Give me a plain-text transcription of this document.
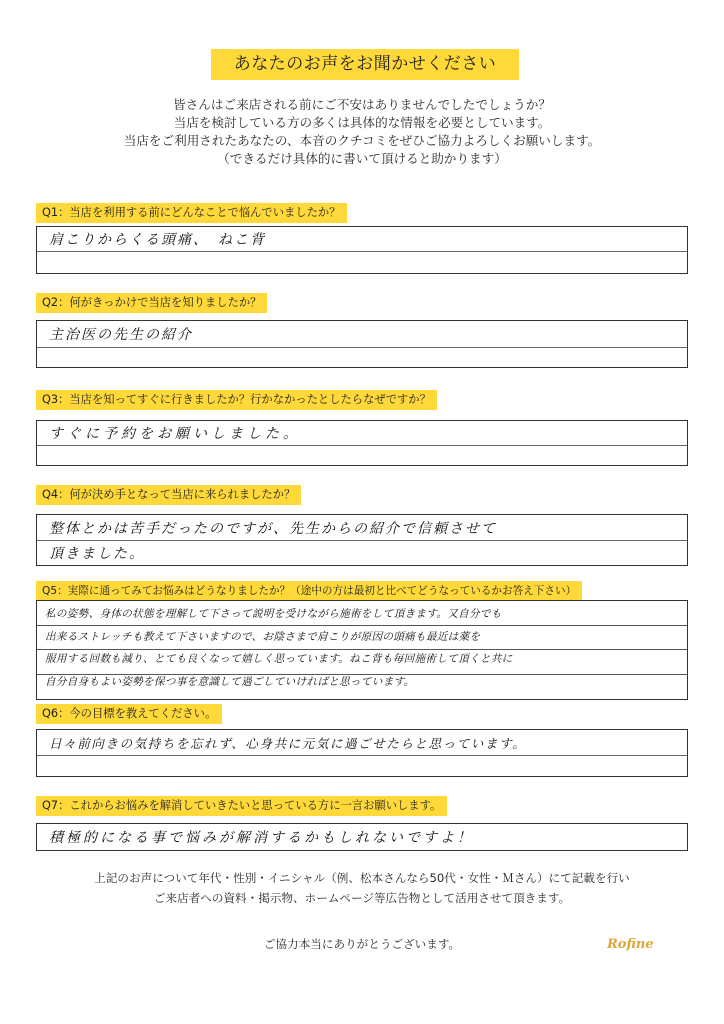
あなたのお声をお聞かせください
皆さんはご来店される前にご不安はありませんでしたでしょうか？
当店を検討している方の多くは具体的な情報を必要としています。
当店をご利用されたあなたの、本音のクチコミをぜひご協力よろしくお願いします。
（できるだけ具体的に書いて頂けると助かります）
Q1：当店を利用する前にどんなことで悩んでいましたか？
肩こりからくる頭痛、　ねこ背
Q2：何がきっかけで当店を知りましたか？
主治医の先生の紹介
Q3：当店を知ってすぐに行きましたか？行かなかったとしたらなぜですか？
すぐに予約をお願いしました。
Q4：何が決め手となって当店に来られましたか？
整体とかは苦手だったのですが、先生からの紹介で信頼させて
頂きました。
Q5：実際に通ってみてお悩みはどうなりましたか？（途中の方は最初と比べてどうなっているかお答え下さい）
私の姿勢、身体の状態を理解して下さって説明を受けながら施術をして頂きます。又自分でも
出来るストレッチも教えて下さいますので、お陰さまで肩こりが原因の頭痛も最近は薬を
服用する回数も減り、とても良くなって嬉しく思っています。ねこ背も毎回施術して頂くと共に
自分自身もよい姿勢を保つ事を意識して過ごしていければと思っています。
Q6：今の目標を教えてください。
日々前向きの気持ちを忘れず、心身共に元気に過ごせたらと思っています。
Q7：これからお悩みを解消していきたいと思っている方に一言お願いします。
積極的になる事で悩みが解消するかもしれないですよ！
上記のお声について年代・性別・イニシャル（例、松本さんなら50代・女性・Ｍさん）にて記載を行い
ご来店者への資料・掲示物、ホームページ等広告物として活用させて頂きます。
ご協力本当にありがとうございます。	Rofine
